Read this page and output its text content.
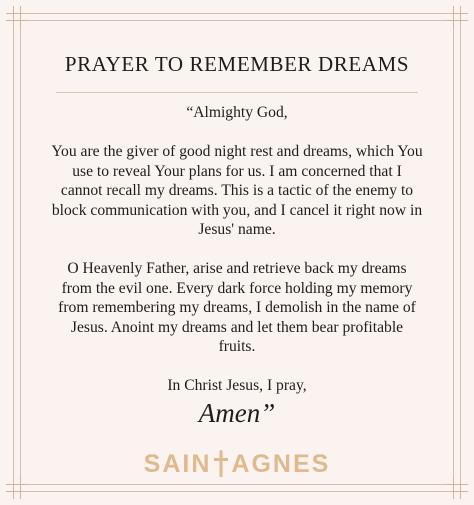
PRAYER TO REMEMBER DREAMS

“Almighty God,

You are the giver of good night rest and dreams, which You

use to reveal Your plans for us. I am concerned that I

cannot recall my dreams. This is a tactic of the enemy to

block communication with you, and I cancel it right now in

Jesus' name.

O Heavenly Father, arise and retrieve back my dreams

from the evil one. Every dark force holding my memory

from remembering my dreams, I demolish in the name of

Jesus. Anoint my dreams and let them bear profitable

fruits.

In Christ Jesus, I pray,

Amen”
SAIN AGNES
